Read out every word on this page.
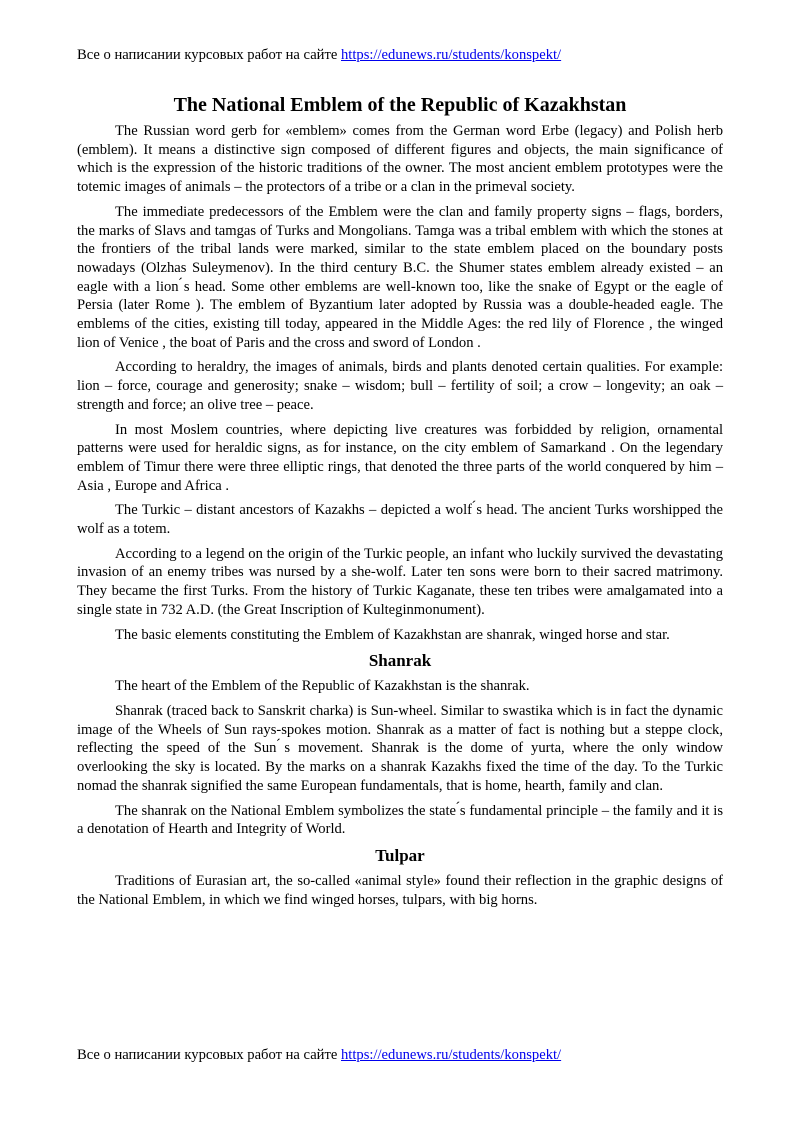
Все о написании курсовых работ на сайте https://edunews.ru/students/konspekt/
The National Emblem of the Republic of Kazakhstan

The Russian word gerb for «emblem» comes from the German word Erbe (legacy) and Polish herb (emblem). It means a distinctive sign composed of different figures and objects, the main significance of which is the expression of the historic traditions of the owner. The most ancient emblem prototypes were the totemic images of animals – the protectors of a tribe or a clan in the primeval society.

The immediate predecessors of the Emblem were the clan and family property signs – flags, borders, the marks of Slavs and tamgas of Turks and Mongolians. Tamga was a tribal emblem with which the stones at the frontiers of the tribal lands were marked, similar to the state emblem placed on the boundary posts nowadays (Olzhas Suleymenov). In the third century B.C. the Shumer states emblem already existed – an eagle with a lion ́s head. Some other emblems are well-known too, like the snake of Egypt or the eagle of Persia (later Rome ). The emblem of Byzantium later adopted by Russia was a double-headed eagle. The emblems of the cities, existing till today, appeared in the Middle Ages: the red lily of Florence , the winged lion of Venice , the boat of Paris and the cross and sword of London .

According to heraldry, the images of animals, birds and plants denoted certain qualities. For example: lion – force, courage and generosity; snake – wisdom; bull – fertility of soil; a crow – longevity; an oak – strength and force; an olive tree – peace.

In most Moslem countries, where depicting live creatures was forbidded by religion, ornamental patterns were used for heraldic signs, as for instance, on the city emblem of Samarkand . On the legendary emblem of Timur there were three elliptic rings, that denoted the three parts of the world conquered by him – Asia , Europe and Africa .

The Turkic – distant ancestors of Kazakhs – depicted a wolf ́s head. The ancient Turks worshipped the wolf as a totem.

According to a legend on the origin of the Turkic people, an infant who luckily survived the devastating invasion of an enemy tribes was nursed by a she-wolf. Later ten sons were born to their sacred matrimony. They became the first Turks. From the history of Turkic Kaganate, these ten tribes were amalgamated into a single state in 732 A.D. (the Great Inscription of Kulteginmonument).

The basic elements constituting the Emblem of Kazakhstan are shanrak, winged horse and star.

Shanrak

The heart of the Emblem of the Republic of Kazakhstan is the shanrak.

Shanrak (traced back to Sanskrit charka) is Sun-wheel. Similar to swastika which is in fact the dynamic image of the Wheels of Sun rays-spokes motion. Shanrak as a matter of fact is nothing but a steppe clock, reflecting the speed of the Sun ́s movement. Shanrak is the dome of yurta, where the only window overlooking the sky is located. By the marks on a shanrak Kazakhs fixed the time of the day. To the Turkic nomad the shanrak signified the same European fundamentals, that is home, hearth, family and clan.

The shanrak on the National Emblem symbolizes the state ́s fundamental principle – the family and it is a denotation of Hearth and Integrity of World.

Tulpar

Traditions of Eurasian art, the so-called «animal style» found their reflection in the graphic designs of the National Emblem, in which we find winged horses, tulpars, with big horns.

Все о написании курсовых работ на сайте https://edunews.ru/students/konspekt/
